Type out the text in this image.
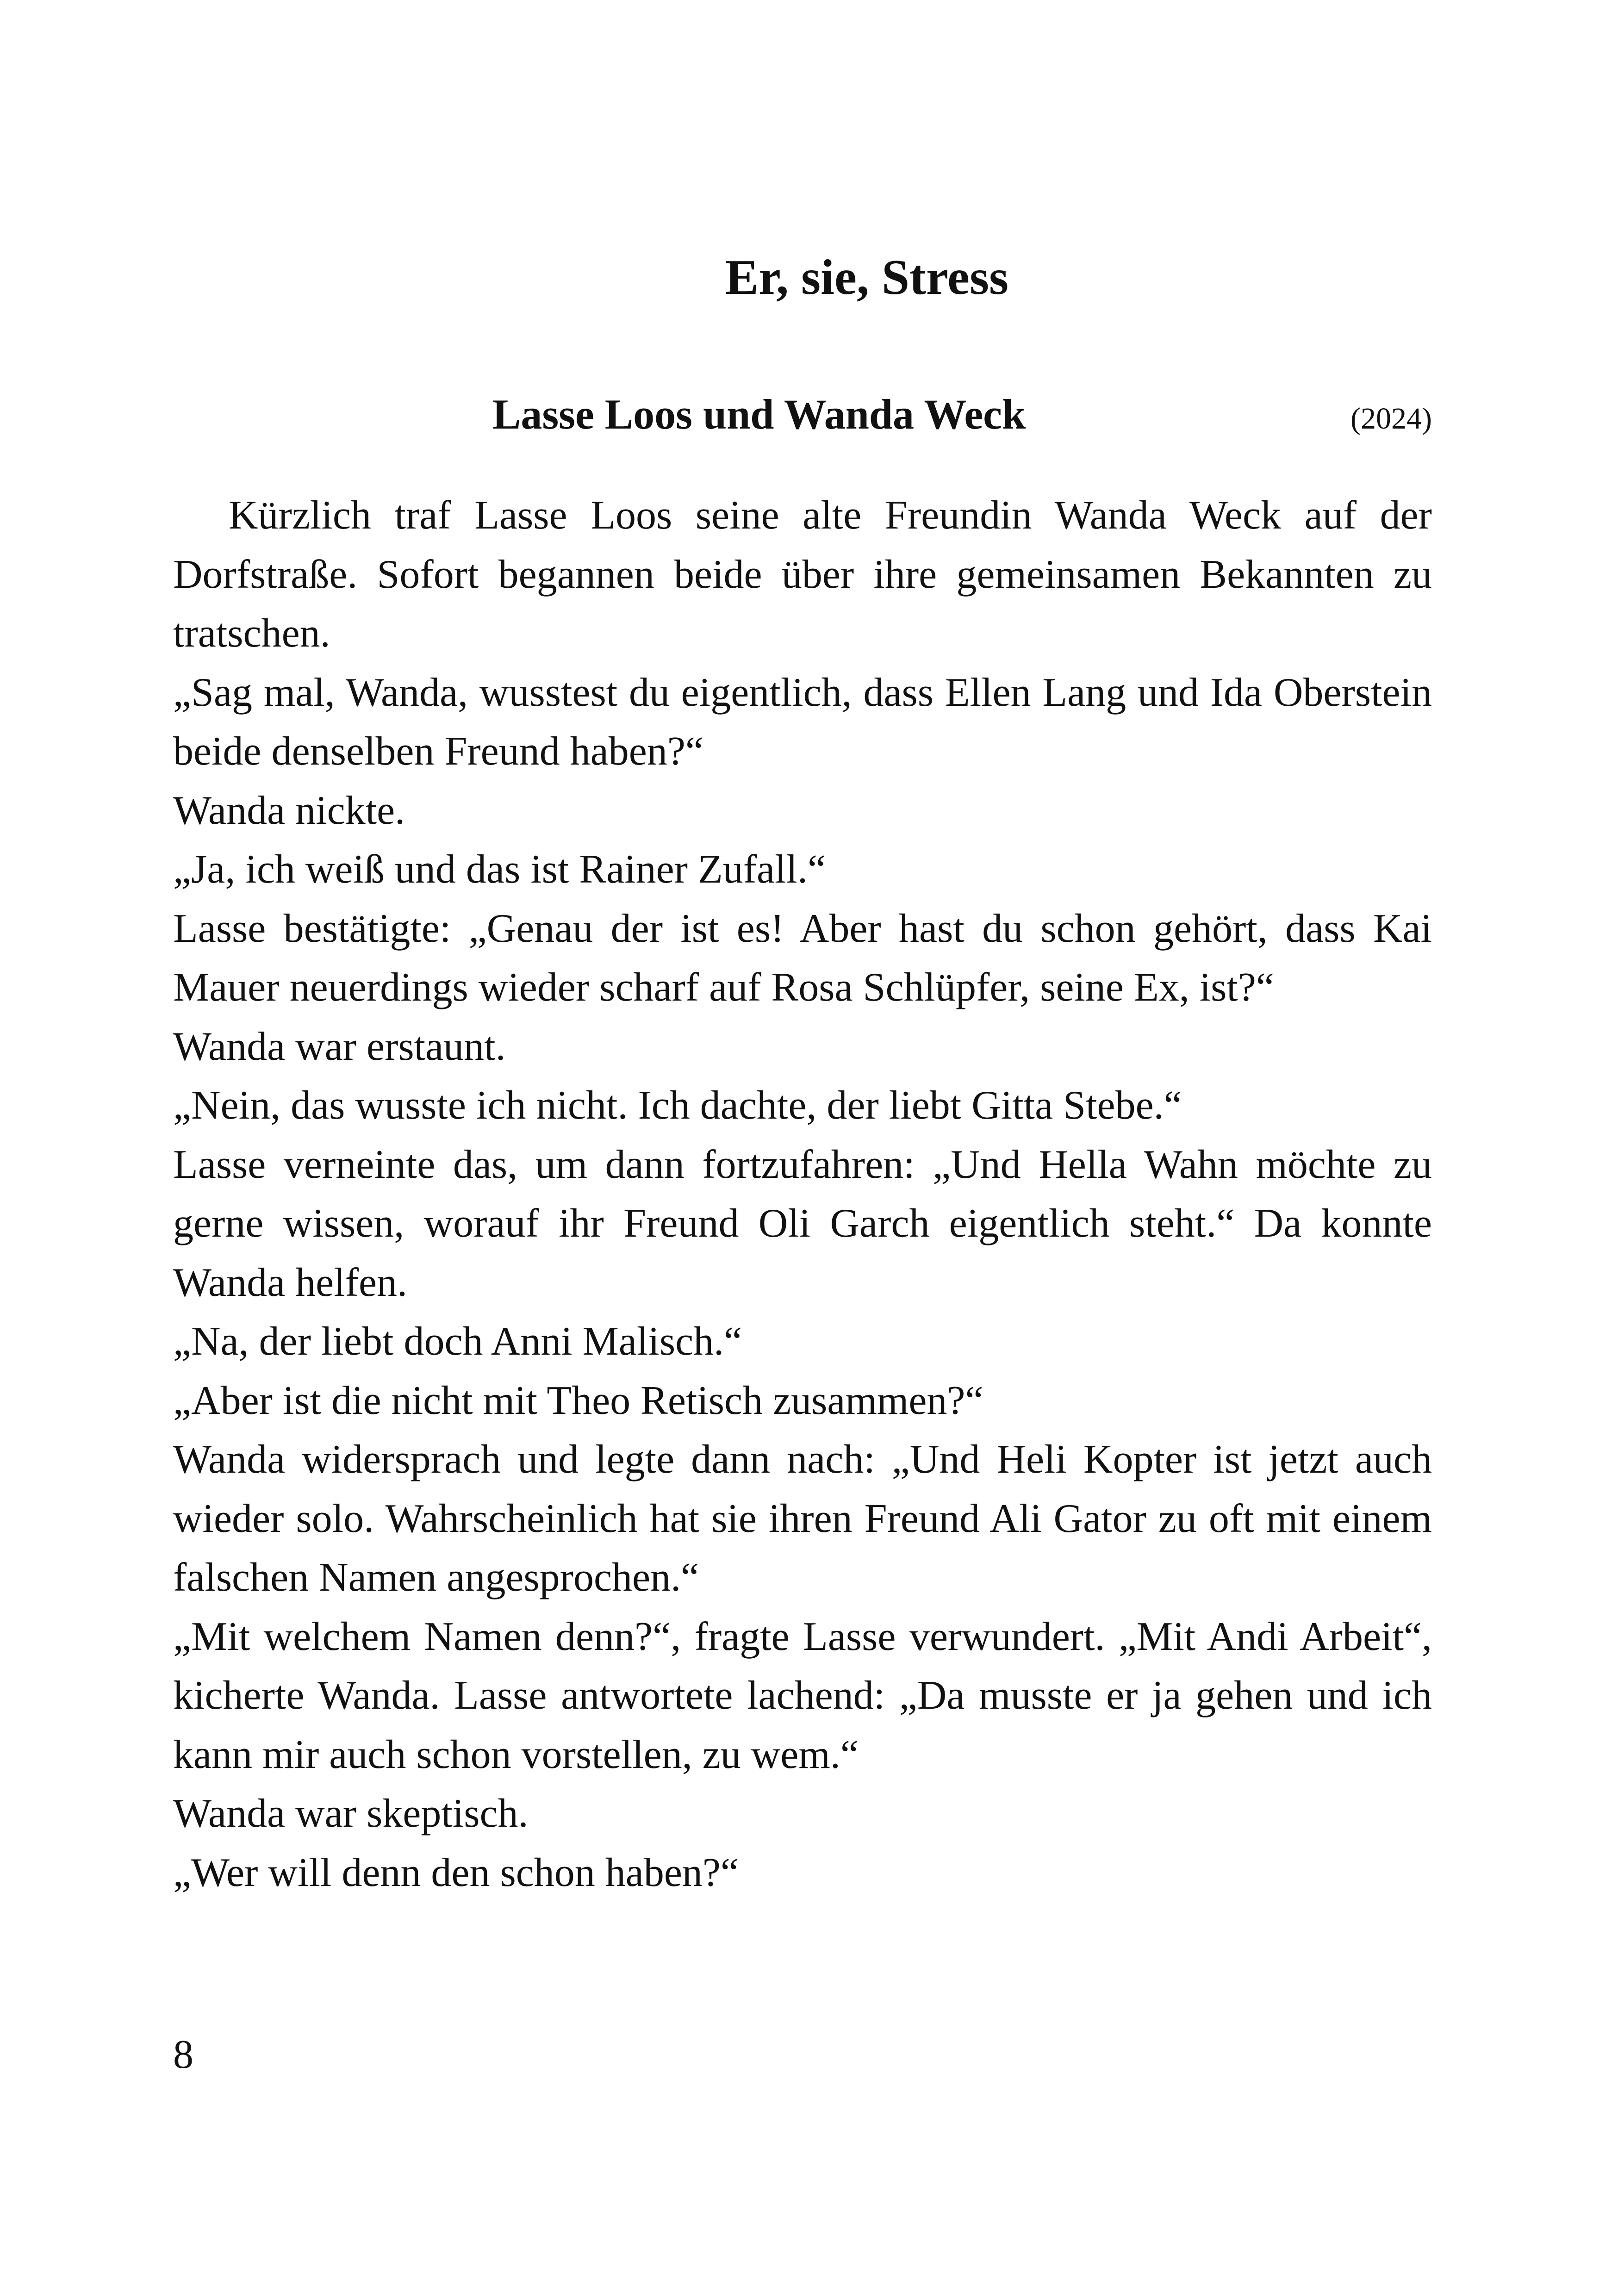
Er, sie, Stress
Lasse Loos und Wanda Weck	(2024)

Kürzlich traf Lasse Loos seine alte Freundin Wanda Weck auf der Dorfstraße. Sofort begannen beide über ihre gemeinsamen Bekannten zu tratschen.

„Sag mal, Wanda, wusstest du eigentlich, dass Ellen Lang und Ida Oberstein beide denselben Freund haben?“

Wanda nickte.

„Ja, ich weiß und das ist Rainer Zufall.“

Lasse bestätigte: „Genau der ist es! Aber hast du schon gehört, dass Kai Mauer neuerdings wieder scharf auf Rosa Schlüpfer, seine Ex, ist?“

Wanda war erstaunt.

„Nein, das wusste ich nicht. Ich dachte, der liebt Gitta Stebe.“

Lasse verneinte das, um dann fortzufahren: „Und Hella Wahn möchte zu gerne wissen, worauf ihr Freund Oli Garch eigentlich steht.“ Da konnte Wanda helfen.

„Na, der liebt doch Anni Malisch.“

„Aber ist die nicht mit Theo Retisch zusammen?“

Wanda widersprach und legte dann nach: „Und Heli Kopter ist jetzt auch wieder solo. Wahrscheinlich hat sie ihren Freund Ali Gator zu oft mit einem falschen Namen angesprochen.“

„Mit welchem Namen denn?“, fragte Lasse verwundert. „Mit Andi Arbeit“, kicherte Wanda. Lasse antwortete lachend: „Da musste er ja gehen und ich kann mir auch schon vorstellen, zu wem.“

Wanda war skeptisch.

„Wer will denn den schon haben?“

8
